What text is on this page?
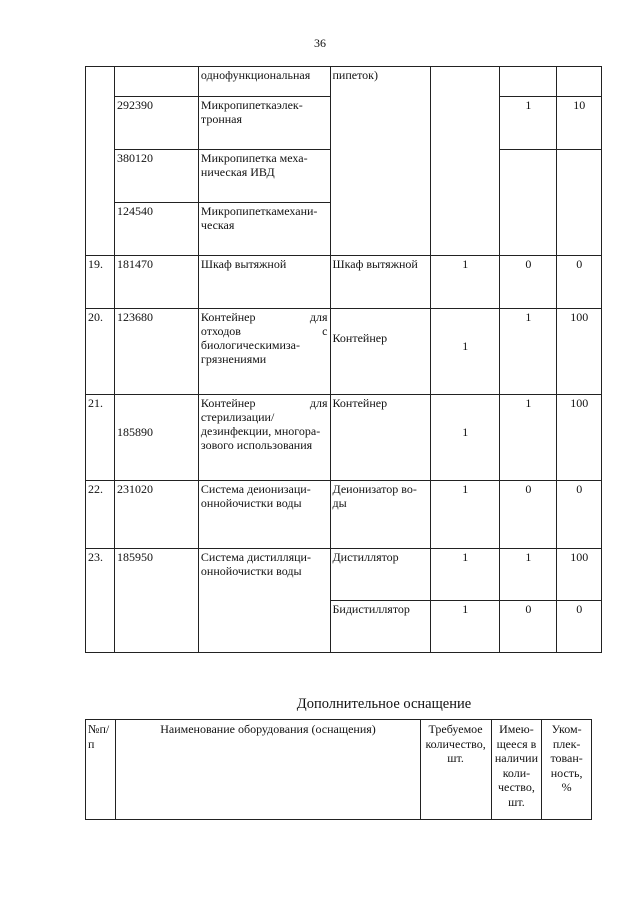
36
		однофункциональная	пипеток)			
	292390	Микропипеткаэлек-
тронная			1	10
	380120	Микропипетка меха-
ническая ИВД				
	124540	Микропипеткамехани-
ческая				
19.	181470	Шкаф вытяжной	Шкаф вытяжной	1	0	0
20.	123680	Контейнер для
отходов с
биологическимиза-
грязнениями	Контейнер	1	1	100
21.	185890	Контейнер для
стерилизации/
дезинфекции, многора-
зового использования	Контейнер	1	1	100
22.	231020	Система деионизаци-
оннойочистки воды	Деионизатор во-
ды	1	0	0
23.	185950	Система дистилляци-
оннойочистки воды	Дистиллятор	1	1	100
			Бидистиллятор	1	0	0
Дополнительное оснащение
№п/п	Наименование оборудования (оснащения)	Требуемое
количество,
шт.	Имею-
щееся в
наличии
коли-
чество,
шт.	Уком-
плек-
тован-
ность,
%
